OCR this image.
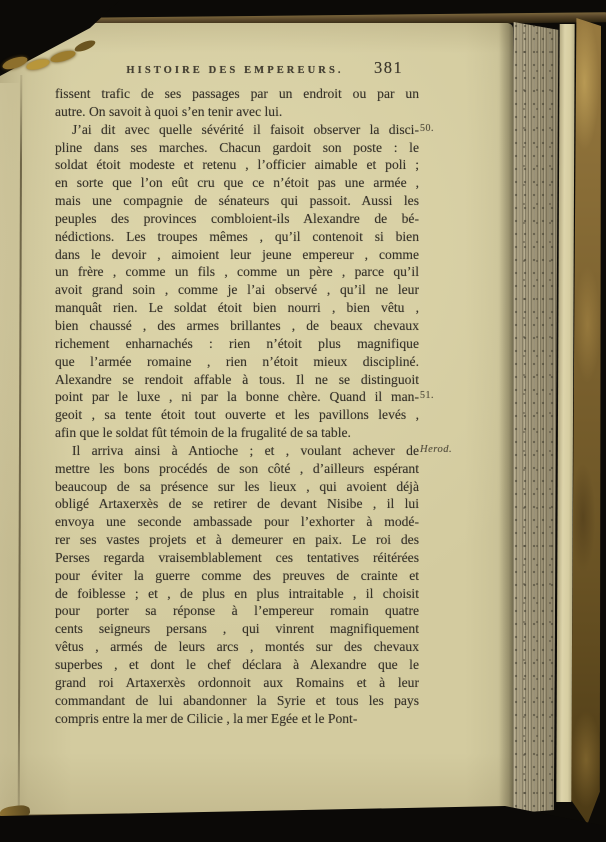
HISTOIRE DES EMPEREURS.	381
fissent trafic de ses passages par un endroit ou par un
autre. On savoit à quoi s’en tenir avec lui.
J’ai dit avec quelle sévérité il faisoit observer la disci-
pline dans ses marches. Chacun gardoit son poste : le
soldat étoit modeste et retenu , l’officier aimable et poli ;
en sorte que l’on eût cru que ce n’étoit pas une armée ,
mais une compagnie de sénateurs qui passoit. Aussi les
peuples des provinces combloient-ils Alexandre de bé-
nédictions. Les troupes mêmes , qu’il contenoit si bien
dans le devoir , aimoient leur jeune empereur , comme
un frère , comme un fils , comme un père , parce qu’il
avoit grand soin , comme je l’ai observé , qu’il ne leur
manquât rien. Le soldat étoit bien nourri , bien vêtu ,
bien chaussé , des armes brillantes , de beaux chevaux
richement enharnachés : rien n’étoit plus magnifique
que l’armée romaine , rien n’étoit mieux discipliné.
Alexandre se rendoit affable à tous. Il ne se distinguoit
point par le luxe , ni par la bonne chère. Quand il man-
geoit , sa tente étoit tout ouverte et les pavillons levés ,
afin que le soldat fût témoin de la frugalité de sa table.
Il arriva ainsi à Antioche ; et , voulant achever de
mettre les bons procédés de son côté , d’ailleurs espérant
beaucoup de sa présence sur les lieux , qui avoient déjà
obligé Artaxerxès de se retirer de devant Nisibe , il lui
envoya une seconde ambassade pour l’exhorter à modé-
rer ses vastes projets et à demeurer en paix. Le roi des
Perses regarda vraisemblablement ces tentatives réitérées
pour éviter la guerre comme des preuves de crainte et
de foiblesse ; et , de plus en plus intraitable , il choisit
pour porter sa réponse à l’empereur romain quatre
cents seigneurs persans , qui vinrent magnifiquement
vêtus , armés de leurs arcs , montés sur des chevaux
superbes , et dont le chef déclara à Alexandre que le
grand roi Artaxerxès ordonnoit aux Romains et à leur
commandant de lui abandonner la Syrie et tous les pays
compris entre la mer de Cilicie , la mer Egée et le Pont-
50.
51.
Herod.
